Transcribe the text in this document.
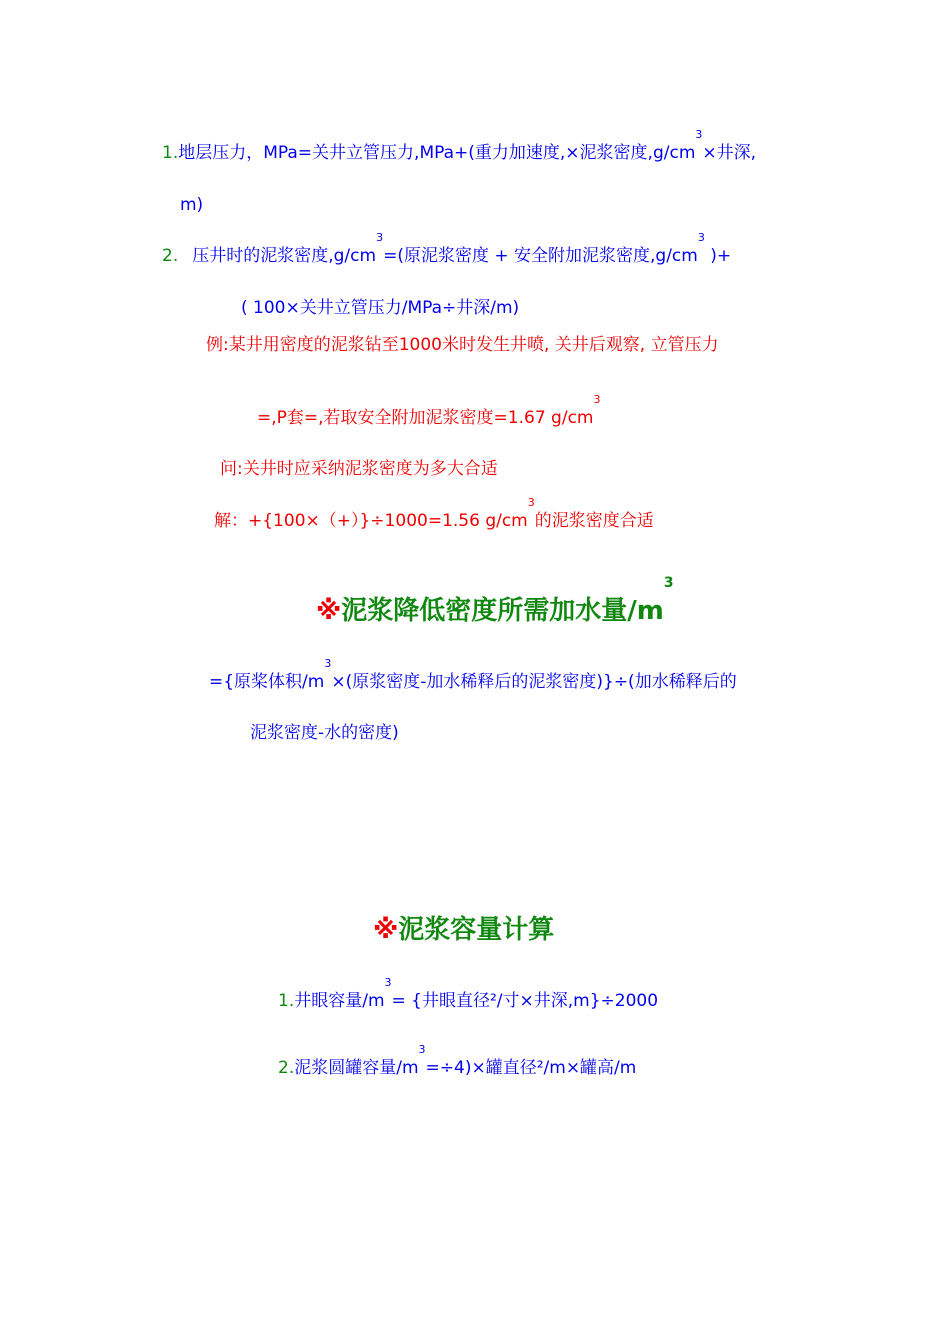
1.地层压力，MPa=关井立管压力,MPa+(重力加速度,×泥浆密度$,g/cm^3\times$井深,
m)
2. 压井时的泥浆密度$,g/cm^3=$(原泥浆密度 + 安全附加泥浆密度$,g/cm^3$ )+
( 100×关井立管压力/MPa÷井深/m)
例:某井用密度的泥浆钻至1000米时发生井喷, 关井后观察, 立管压力
=,P套=,若取安全附加泥浆密度=1.67 $g/cm^3$
问:关井时应采纳泥浆密度为多大合适
解：+{100×（+）}÷1000=1.56 $g/cm^3$的泥浆密度合适
※泥浆降低密度所需加水量$/m^3$
={原桨体积$/m^3\times$(原浆密度-加水稀释后的泥浆密度)}÷(加水稀释后的
泥浆密度-水的密度)
※泥浆容量计算
1.井眼容量$/m^3=$ {井眼直径²/寸×井深,m}÷2000
2.泥浆圆罐容量$/m^3=\div 4)\times$罐直径²/m×罐高/m
